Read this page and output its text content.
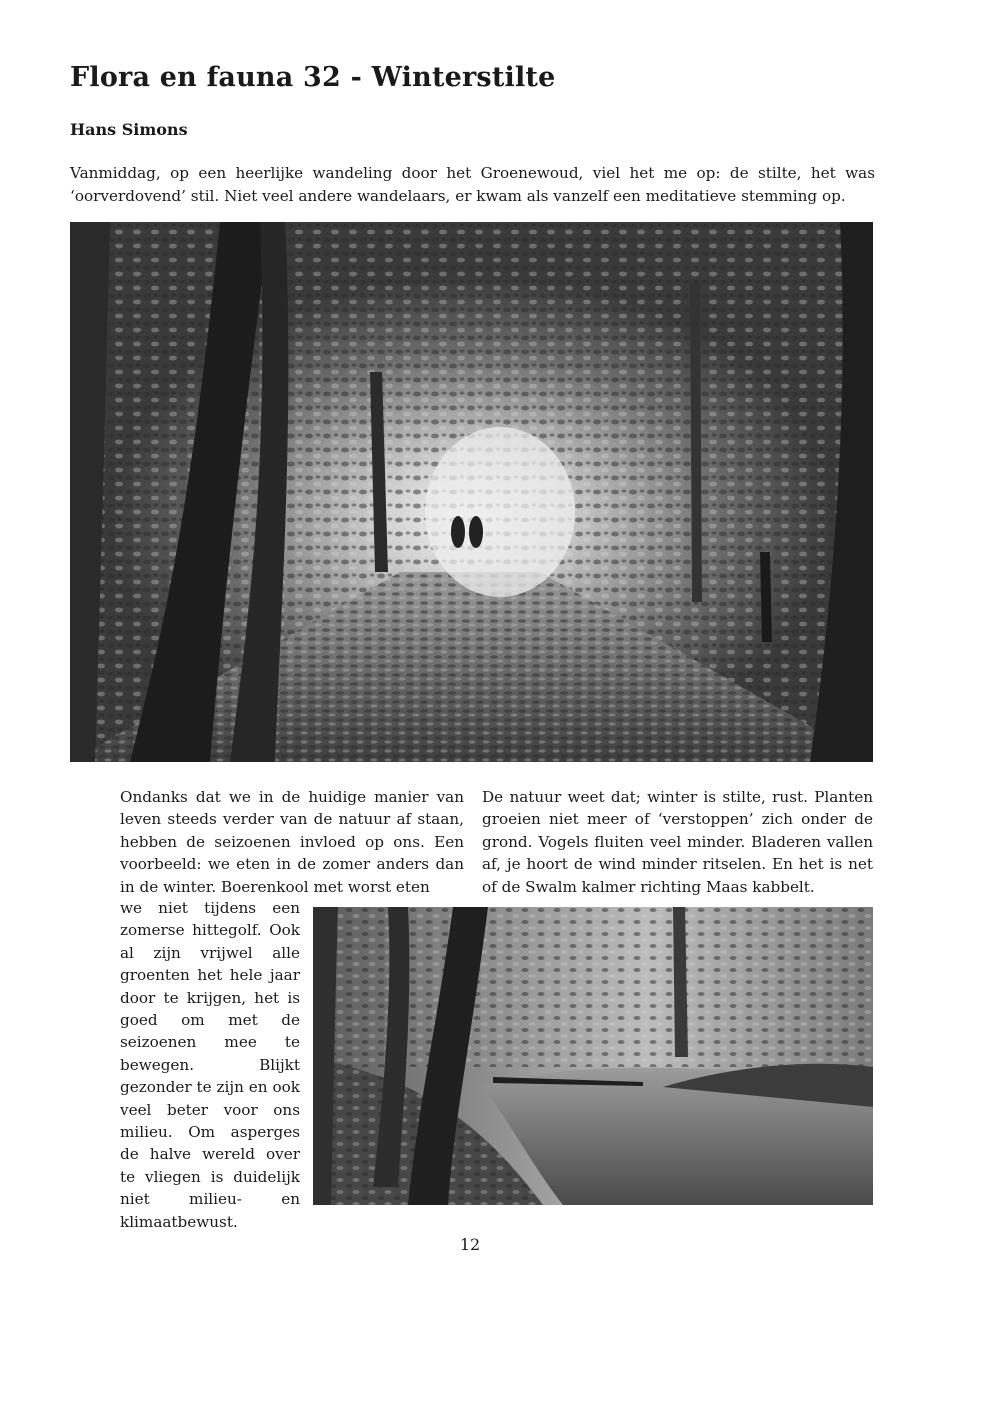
Flora en fauna 32 - Winterstilte
Hans Simons

Vanmiddag, op een heerlijke wandeling door het Groenewoud, viel het me op: de stilte, het was ‘oorverdovend’ stil. Niet veel andere wandelaars, er kwam als vanzelf een meditatieve stemming op.

Ondanks dat we in de huidige manier van leven steeds verder van de natuur af staan, hebben de seizoenen invloed op ons. Een voorbeeld: we eten in de zomer anders dan in de winter. Boerenkool met worst eten

we niet tijdens een zomerse hittegolf. Ook al zijn vrijwel alle groenten het hele jaar door te krijgen, het is goed om met de seizoenen mee te bewegen. Blijkt gezonder te zijn en ook veel beter voor ons milieu. Om asperges de halve wereld over te vliegen is duidelijk niet milieu- en klimaatbewust.

De natuur weet dat; winter is stilte, rust. Planten groeien niet meer of ‘verstoppen’ zich onder de grond. Vogels fluiten veel minder. Bladeren vallen af, je hoort de wind minder ritselen. En het is net of de Swalm kalmer richting Maas kabbelt.

12
